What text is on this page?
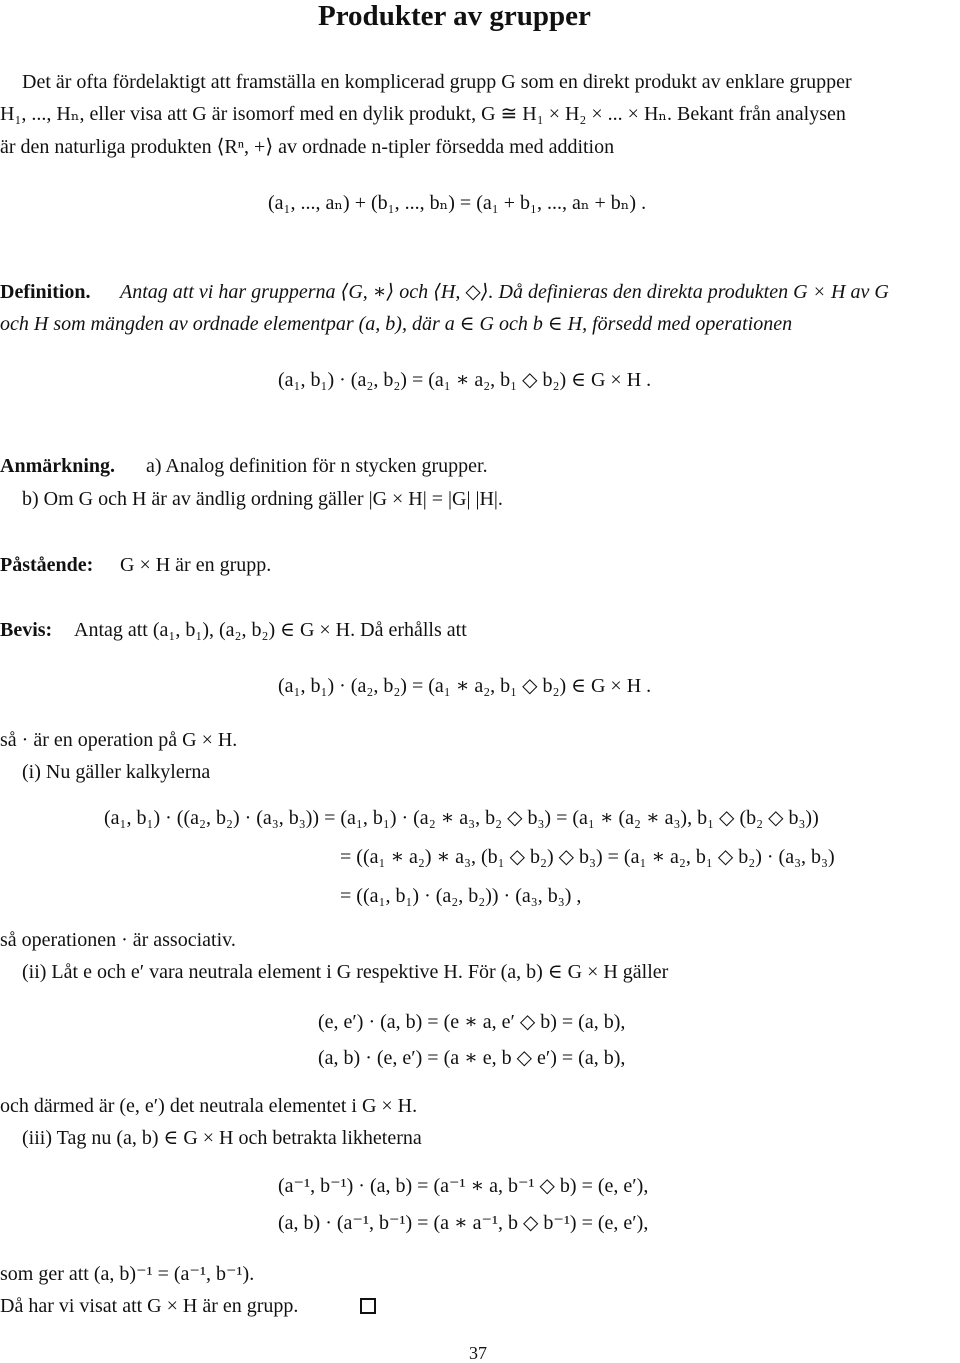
Produkter av grupper
Det är ofta fördelaktigt att framställa en komplicerad grupp G som en direkt produkt av enklare grupper
H₁, ..., Hₙ, eller visa att G är isomorf med en dylik produkt, G ≅ H₁ × H₂ × ... × Hₙ. Bekant från analysen
är den naturliga produkten ⟨Rⁿ, +⟩ av ordnade n-tipler försedda med addition
(a₁, ..., aₙ) + (b₁, ..., bₙ) = (a₁ + b₁, ..., aₙ + bₙ) .
Definition. Antag att vi har grupperna ⟨G, ∗⟩ och ⟨H, ◇⟩. Då definieras den direkta produkten G × H av G
och H som mängden av ordnade elementpar (a, b), där a ∈ G och b ∈ H, försedd med operationen
(a₁, b₁) · (a₂, b₂) = (a₁ ∗ a₂, b₁ ◇ b₂) ∈ G × H .
Anmärkning. a) Analog definition för n stycken grupper.
b) Om G och H är av ändlig ordning gäller |G × H| = |G| |H|.
Påstående: G × H är en grupp.
Bevis: Antag att (a₁, b₁), (a₂, b₂) ∈ G × H. Då erhålls att
(a₁, b₁) · (a₂, b₂) = (a₁ ∗ a₂, b₁ ◇ b₂) ∈ G × H .
så · är en operation på G × H.
(i) Nu gäller kalkylerna
(a₁, b₁) · ((a₂, b₂) · (a₃, b₃)) = (a₁, b₁) · (a₂ ∗ a₃, b₂ ◇ b₃) = (a₁ ∗ (a₂ ∗ a₃), b₁ ◇ (b₂ ◇ b₃))
= ((a₁ ∗ a₂) ∗ a₃, (b₁ ◇ b₂) ◇ b₃) = (a₁ ∗ a₂, b₁ ◇ b₂) · (a₃, b₃)
= ((a₁, b₁) · (a₂, b₂)) · (a₃, b₃) ,
så operationen · är associativ.
(ii) Låt e och e′ vara neutrala element i G respektive H. För (a, b) ∈ G × H gäller
(e, e′) · (a, b) = (e ∗ a, e′ ◇ b) = (a, b),
(a, b) · (e, e′) = (a ∗ e, b ◇ e′) = (a, b),
och därmed är (e, e′) det neutrala elementet i G × H.
(iii) Tag nu (a, b) ∈ G × H och betrakta likheterna
(a⁻¹, b⁻¹) · (a, b) = (a⁻¹ ∗ a, b⁻¹ ◇ b) = (e, e′),
(a, b) · (a⁻¹, b⁻¹) = (a ∗ a⁻¹, b ◇ b⁻¹) = (e, e′),
som ger att (a, b)⁻¹ = (a⁻¹, b⁻¹).
Då har vi visat att G × H är en grupp.
37
